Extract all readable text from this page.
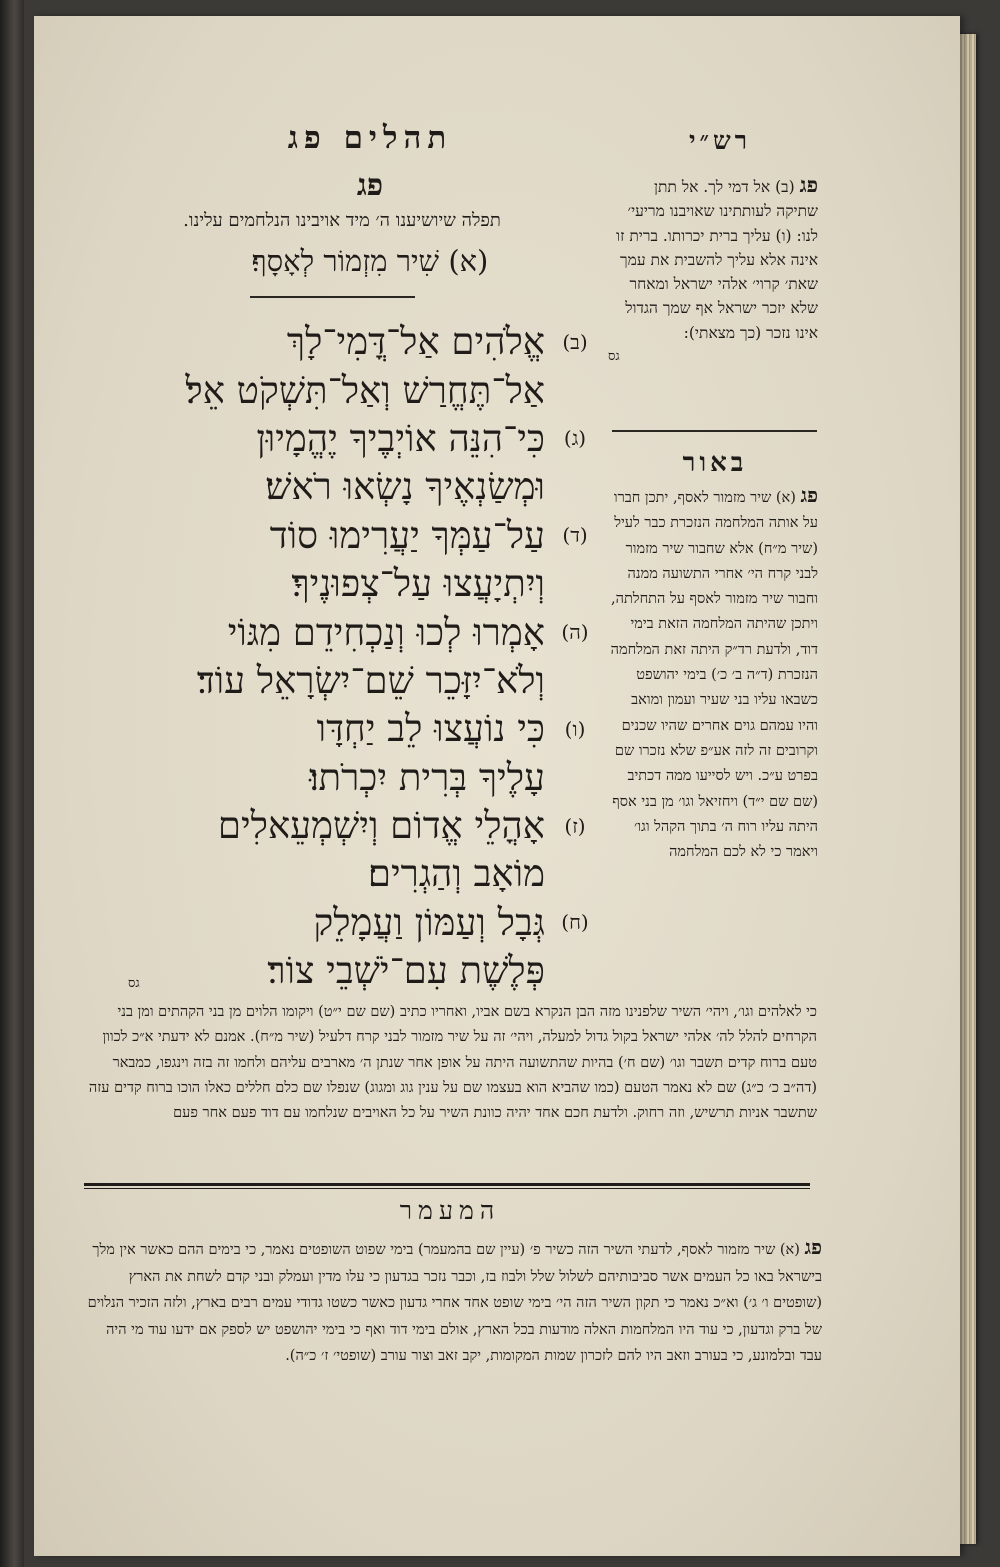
תהלים פג	רש״י
פג
תפלה שיושיענו ה׳ מיד אויבינו הנלחמים עלינו.
(א) שִׁיר מִזְמוֹר לְאָסָף׃
(ב)
אֱלֹהִים אַל־דֳּמִי־לָךְ
אַל־תֶּחֱרַשׁ וְאַל־תִּשְׁקֹט אֵל׃
(ג)
כִּי־הִנֵּה אוֹיְבֶיךָ יֶהֱמָיוּן
וּמְשַׂנְאֶיךָ נָשְׂאוּ רֹאשׁ׃
(ד)
עַל־עַמְּךָ יַעֲרִימוּ סוֹד
וְיִתְיָעֲצוּ עַל־צְפוּנֶיךָ׃
(ה)
אָמְרוּ לְכוּ וְנַכְחִידֵם מִגּוֹי
וְלֹא־יִזָּכֵר שֵׁם־יִשְׂרָאֵל עוֹד׃
(ו)
כִּי נוֹעֲצוּ לֵב יַחְדָּו
עָלֶיךָ בְּרִית יִכְרֹתוּ׃
(ז)
אָהֳלֵי אֱדוֹם וְיִשְׁמְעֵאלִים
מוֹאָב וְהַגְרִים׃
(ח)
גְּבָל וְעַמּוֹן וַעֲמָלֵק
פְּלֶשֶׁת עִם־יֹשְׁבֵי צוֹר׃
גס
פג (ב) אל דמי לך. אל תתן שתיקה לעותתינו שאויבנו מריעי׳ לנו: (ו) עליך ברית יכרותו. ברית זו אינה אלא עליך להשבית את עמך שאת׳ קרוי׳ אלהי ישראל ומאחר שלא יזכר ישראל אף שמך הגדול אינו נזכר (כך מצאתי):
גס
באור
פג (א) שיר מזמור לאסף, יתכן חברו על אותה המלחמה הנזכרת כבר לעיל (שיר מ״ח) אלא שחבור שיר מזמור לבני קרח הי׳ אחרי התשועה ממנה וחבור שיר מזמור לאסף על התחלתה, ויתכן שהיתה המלחמה הזאת בימי דוד, ולדעת רד״ק היתה זאת המלחמה הנזכרת (ד״ה ב׳ כ׳) בימי יהושפט כשבאו עליו בני שעיר ועמון ומואב והיו עמהם גוים אחרים שהיו שכנים וקרובים זה לזה אע״פ שלא נזכרו שם בפרט ע״כ. ויש לסייעו ממה דכתיב (שם שם י״ד) ויחזיאל וגו׳ מן בני אסף היתה עליו רוח ה׳ בתוך הקהל וגו׳ ויאמר כי לא לכם המלחמה
כי לאלהים וגו׳, ויהי׳ השיר שלפנינו מזה הבן הנקרא בשם אביו, ואחריו כתיב (שם שם י״ט) ויקומו הלוים מן בני הקהתים ומן בני הקרחים להלל לה׳ אלהי ישראל בקול גדול למעלה, ויהי׳ זה על שיר מזמור לבני קרח דלעיל (שיר מ״ח). אמנם לא ידעתי א״כ לכוון טעם ברוח קדים תשבר וגו׳ (שם ח׳) בהיות שהתשועה היתה על אופן אחר שנתן ה׳ מארבים עליהם ולחמו זה בזה וינגפו, כמבאר (דה״ב כ׳ כ״ג) שם לא נאמר הטעם (כמו שהביא הוא בעצמו שם על ענין גוג ומגוג) שנפלו שם כלם חללים כאלו הוכו ברוח קדים עזה שתשבר אניות תרשיש, וזה רחוק. ולדעת חכם אחד יהיה כוונת השיר על כל האויבים שנלחמו עם דוד פעם אחר פעם
המעמר
פג (א) שיר מזמור לאסף, לדעתי השיר הזה כשיר פ׳ (עיין שם בהמעמר) בימי שפוט השופטים נאמר, כי בימים ההם כאשר אין מלך בישראל באו כל העמים אשר סביבותיהם לשלול שלל ולבוז בז, וכבר נזכר בגדעון כי עלו מדין ועמלק ובני קדם לשחת את הארץ (שופטים ו׳ ג׳) וא״כ נאמר כי תקון השיר הזה הי׳ בימי שופט אחד אחרי גדעון כאשר כשטו גדודי עמים רבים בארץ, ולזה הזכיר הנלוים של ברק וגדעון, כי עוד היו המלחמות האלה מודעות בכל הארץ, אולם בימי דוד ואף כי בימי יהושפט יש לספק אם ידעו עוד מי היה עבד ובלמונע, כי בעורב וזאב היו להם לזכרון שמות המקומות, יקב זאב וצור עורב (שופטי׳ ז׳ כ״ה).
